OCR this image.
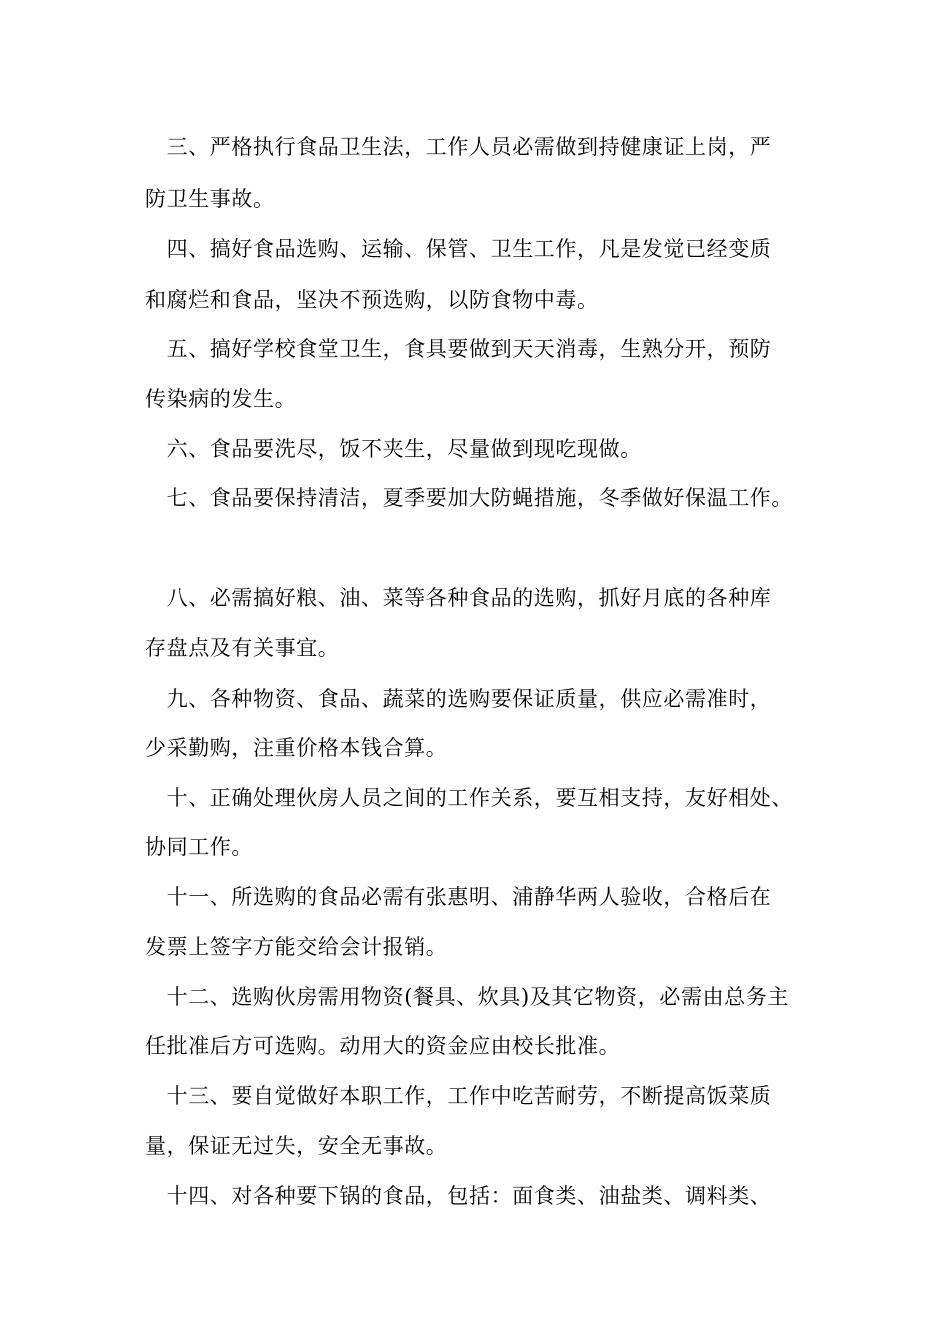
　三、严格执行食品卫生法，工作人员必需做到持健康证上岗，严
防卫生事故。
　四、搞好食品选购、运输、保管、卫生工作，凡是发觉已经变质
和腐烂和食品，坚决不预选购，以防食物中毒。
　五、搞好学校食堂卫生，食具要做到天天消毒，生熟分开，预防
传染病的发生。
　六、食品要洗尽，饭不夹生，尽量做到现吃现做。
　七、食品要保持清洁，夏季要加大防蝇措施，冬季做好保温工作。
　八、必需搞好粮、油、菜等各种食品的选购，抓好月底的各种库
存盘点及有关事宜。
　九、各种物资、食品、蔬菜的选购要保证质量，供应必需准时，
少采勤购，注重价格本钱合算。
　十、正确处理伙房人员之间的工作关系，要互相支持，友好相处、
协同工作。
　十一、所选购的食品必需有张惠明、浦静华两人验收，合格后在
发票上签字方能交给会计报销。
　十二、选购伙房需用物资(餐具、炊具)及其它物资，必需由总务主
任批准后方可选购。动用大的资金应由校长批准。
　十三、要自觉做好本职工作，工作中吃苦耐劳，不断提高饭菜质
量，保证无过失，安全无事故。
　十四、对各种要下锅的食品，包括：面食类、油盐类、调料类、
